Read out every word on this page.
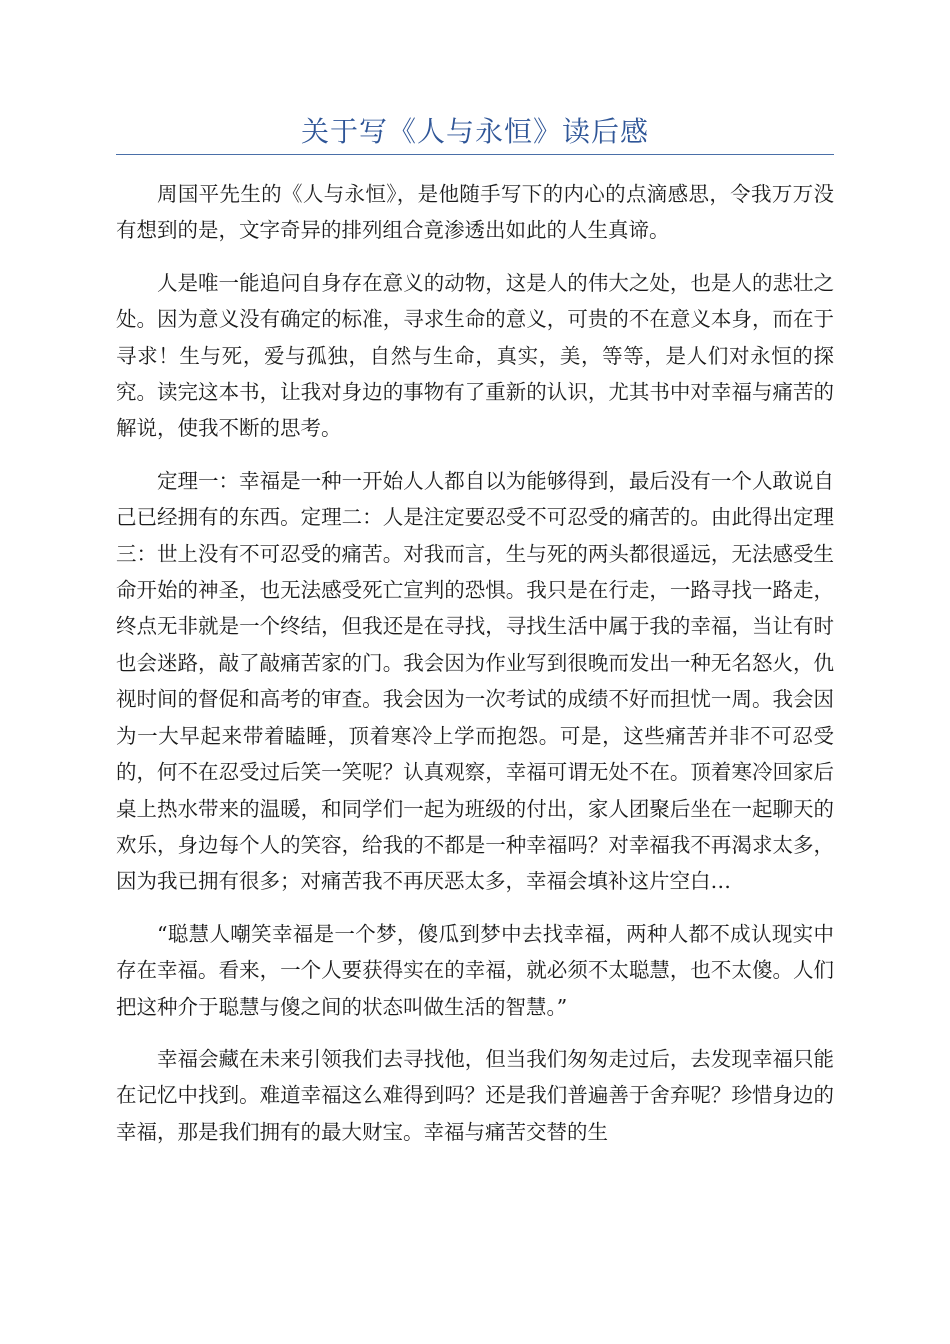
关于写《人与永恒》读后感

周国平先生的《人与永恒》，是他随手写下的内心的点滴感思，令我万万没有想到的是，文字奇异的排列组合竟渗透出如此的人生真谛。

人是唯一能追问自身存在意义的动物，这是人的伟大之处，也是人的悲壮之处。因为意义没有确定的标准，寻求生命的意义，可贵的不在意义本身，而在于寻求！生与死，爱与孤独，自然与生命，真实，美，等等，是人们对永恒的探究。读完这本书，让我对身边的事物有了重新的认识，尤其书中对幸福与痛苦的解说，使我不断的思考。

定理一：幸福是一种一开始人人都自以为能够得到，最后没有一个人敢说自己已经拥有的东西。定理二：人是注定要忍受不可忍受的痛苦的。由此得出定理三：世上没有不可忍受的痛苦。对我而言，生与死的两头都很遥远，无法感受生命开始的神圣，也无法感受死亡宣判的恐惧。我只是在行走，一路寻找一路走，终点无非就是一个终结，但我还是在寻找，寻找生活中属于我的幸福，当让有时也会迷路，敲了敲痛苦家的门。我会因为作业写到很晚而发出一种无名怒火，仇视时间的督促和高考的审查。我会因为一次考试的成绩不好而担忧一周。我会因为一大早起来带着瞌睡，顶着寒冷上学而抱怨。可是，这些痛苦并非不可忍受的，何不在忍受过后笑一笑呢？认真观察，幸福可谓无处不在。顶着寒冷回家后桌上热水带来的温暖，和同学们一起为班级的付出，家人团聚后坐在一起聊天的欢乐，身边每个人的笑容，给我的不都是一种幸福吗？对幸福我不再渴求太多，因为我已拥有很多；对痛苦我不再厌恶太多，幸福会填补这片空白…

“聪慧人嘲笑幸福是一个梦，傻瓜到梦中去找幸福，两种人都不成认现实中存在幸福。看来，一个人要获得实在的幸福，就必须不太聪慧，也不太傻。人们把这种介于聪慧与傻之间的状态叫做生活的智慧。”

幸福会藏在未来引领我们去寻找他，但当我们匆匆走过后，去发现幸福只能在记忆中找到。难道幸福这么难得到吗？还是我们普遍善于舍弃呢？珍惜身边的幸福，那是我们拥有的最大财宝。幸福与痛苦交替的生
